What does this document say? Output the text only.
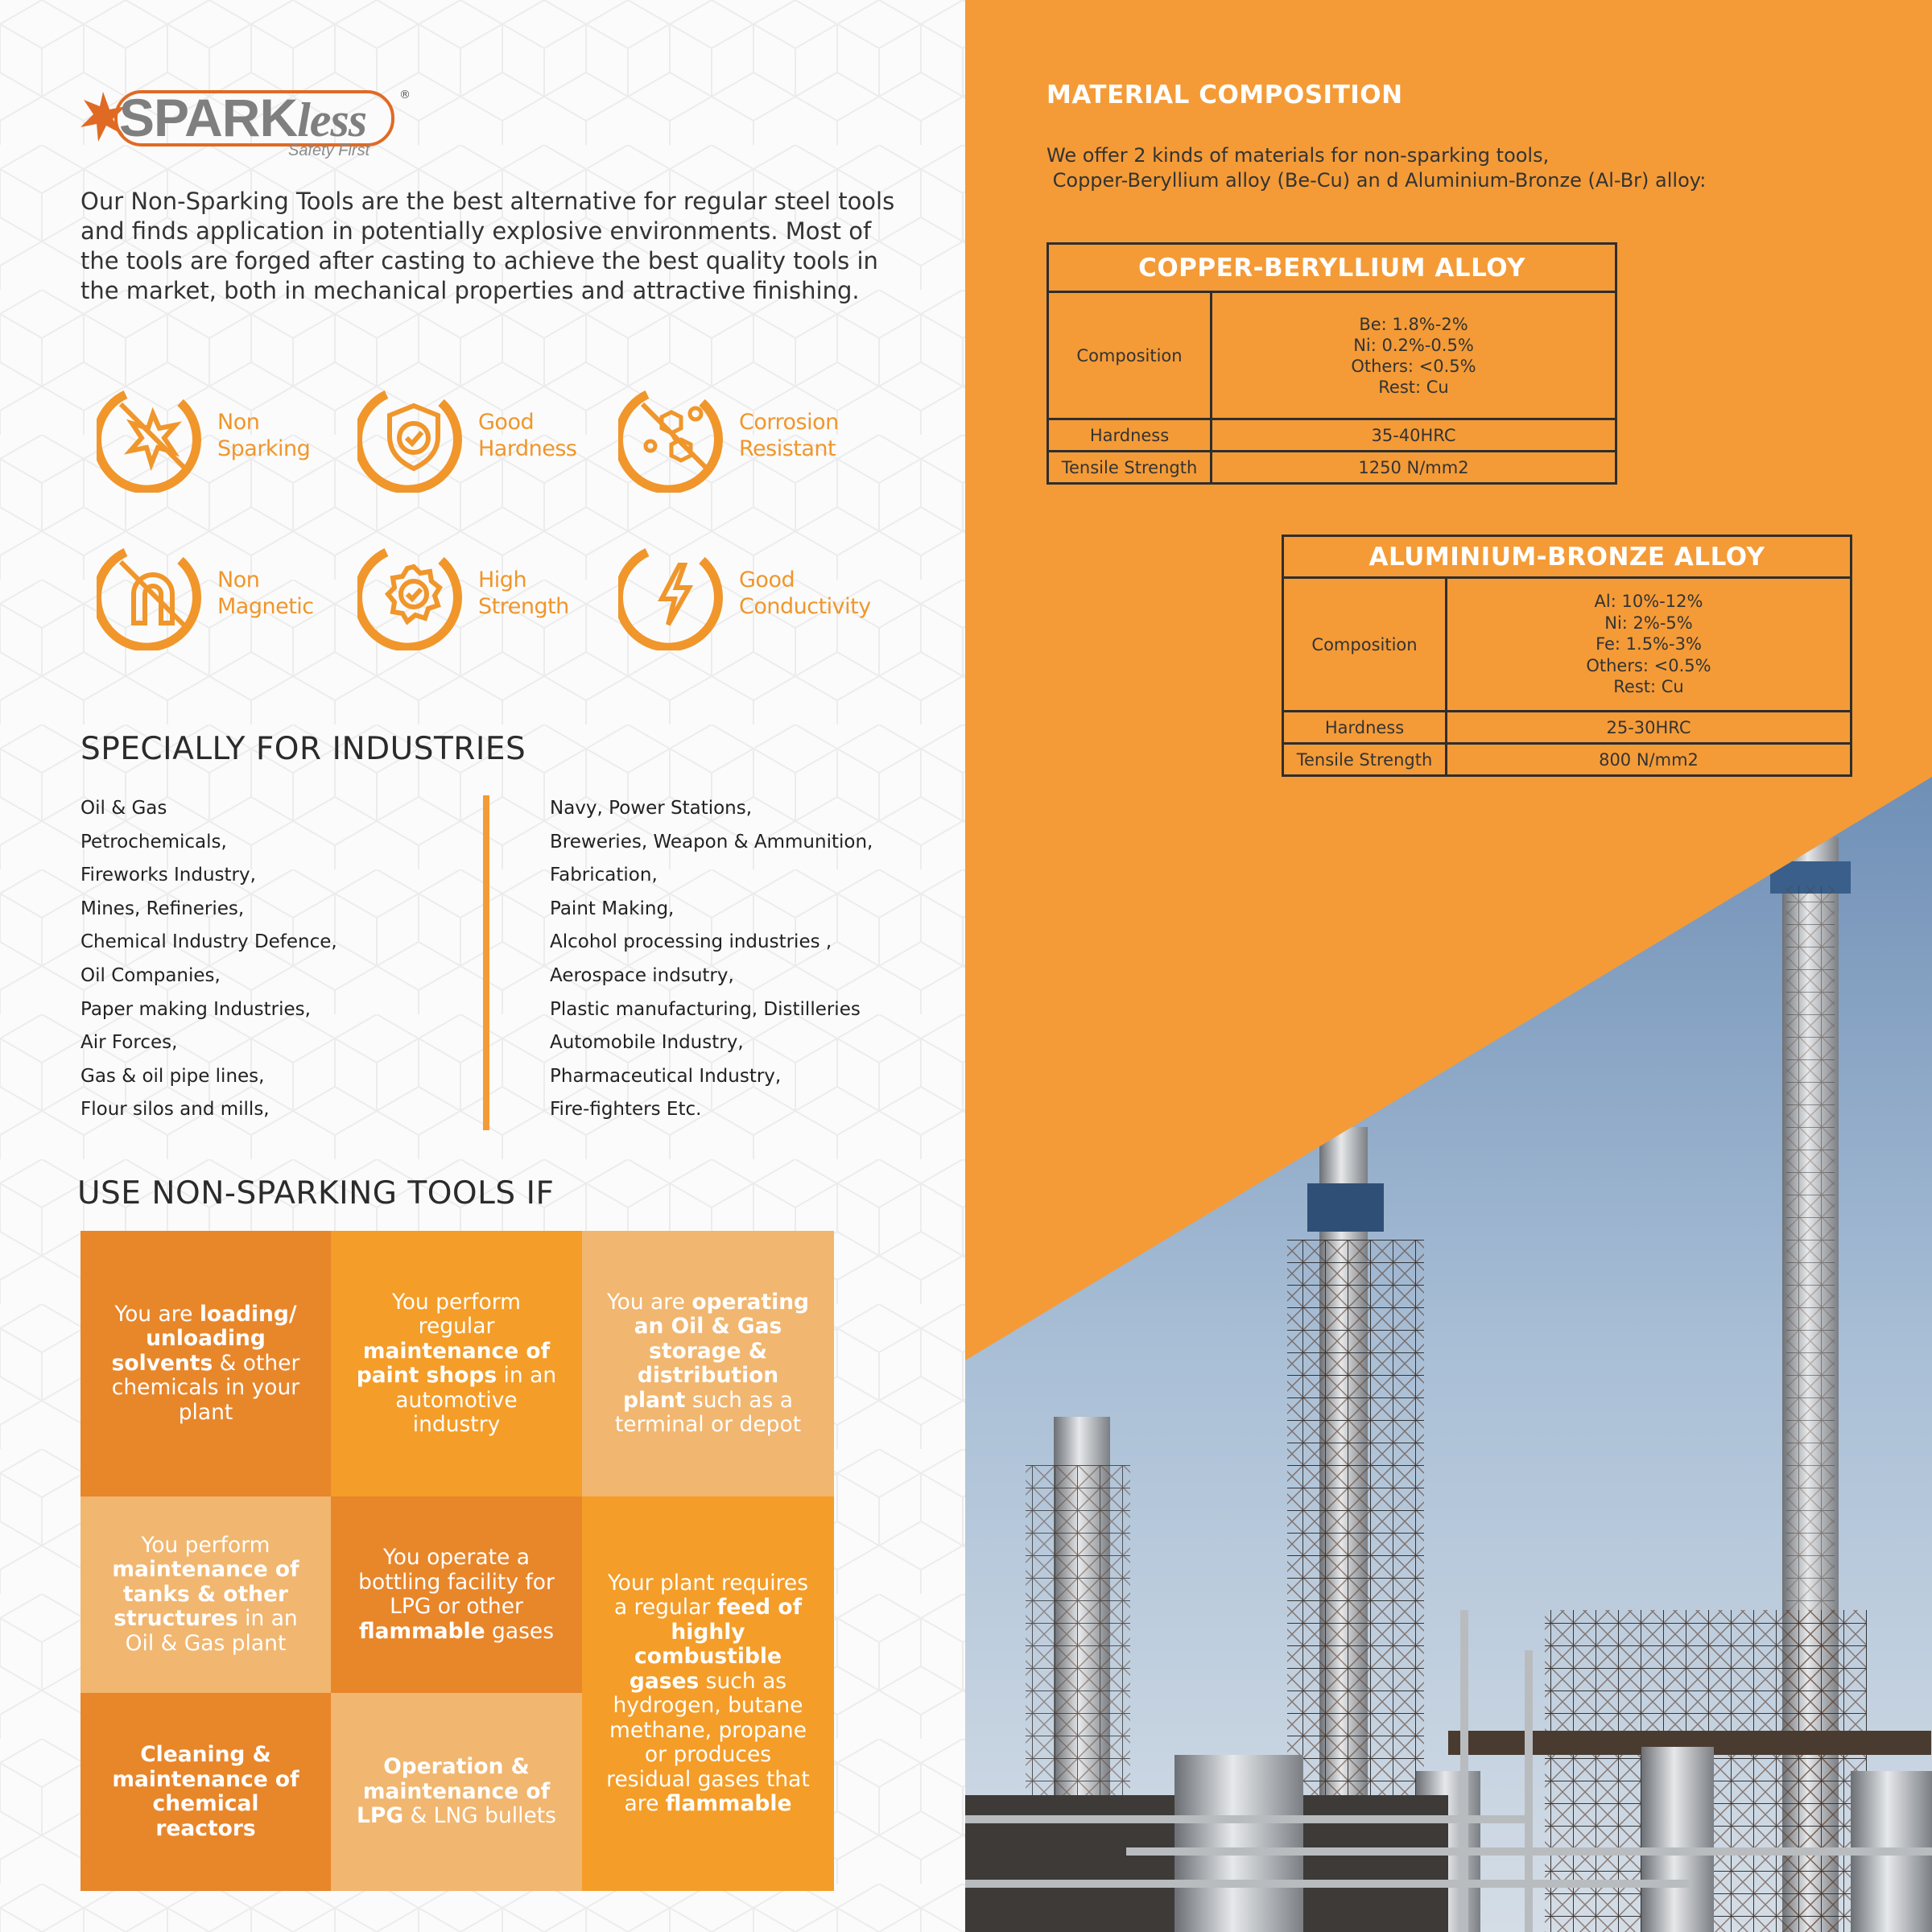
SPARKless	®
Safety First
Our Non-Sparking Tools are the best alternative for regular steel tools and finds application in potentially explosive environments. Most of the tools are forged after casting to achieve the best quality tools in the market, both in mechanical properties and attractive finishing.
Non
Sparking
Good
Hardness
Corrosion
Resistant
Non
Magnetic
High
Strength
Good
Conductivity
SPECIALLY FOR INDUSTRIES
Oil & Gas
Petrochemicals,
Fireworks Industry,
Mines, Refineries,
Chemical Industry Defence,
Oil Companies,
Paper making Industries,
Air Forces,
Gas & oil pipe lines,
Flour silos and mills,
Navy, Power Stations,
Breweries, Weapon & Ammunition,
Fabrication,
Paint Making,
Alcohol processing industries ,
Aerospace indsutry,
Plastic manufacturing, Distilleries
Automobile Industry,
Pharmaceutical Industry,
Fire-fighters Etc.
USE NON-SPARKING TOOLS IF
You are loading/ unloading solvents & other chemicals in your plant
You perform regular maintenance of paint shops in an automotive industry
You are operating an Oil & Gas storage & distribution plant such as a terminal or depot
You perform maintenance of tanks & other structures in an Oil & Gas plant
You operate a bottling facility for LPG or other flammable gases
Your plant requires a regular feed of highly combustible gases such as hydrogen, butane methane, propane or produces residual gases that are flammable
Cleaning & maintenance of chemical reactors
Operation & maintenance of LPG & LNG bullets
MATERIAL COMPOSITION
We offer 2 kinds of materials for non-sparking tools,
Copper-Beryllium alloy (Be-Cu) an d Aluminium-Bronze (Al-Br) alloy:
COPPER-BERYLLIUM ALLOY	
Composition	Be: 1.8%-2%
Ni: 0.2%-0.5%
Others: <0.5%
Rest: Cu

Hardness	35-40HRC
Tensile Strength	1250 N/mm2
ALUMINIUM-BRONZE ALLOY	
Composition	Al: 10%-12%
Ni: 2%-5%
Fe: 1.5%-3%
Others: <0.5%
Rest: Cu

Hardness	25-30HRC
Tensile Strength	800 N/mm2
